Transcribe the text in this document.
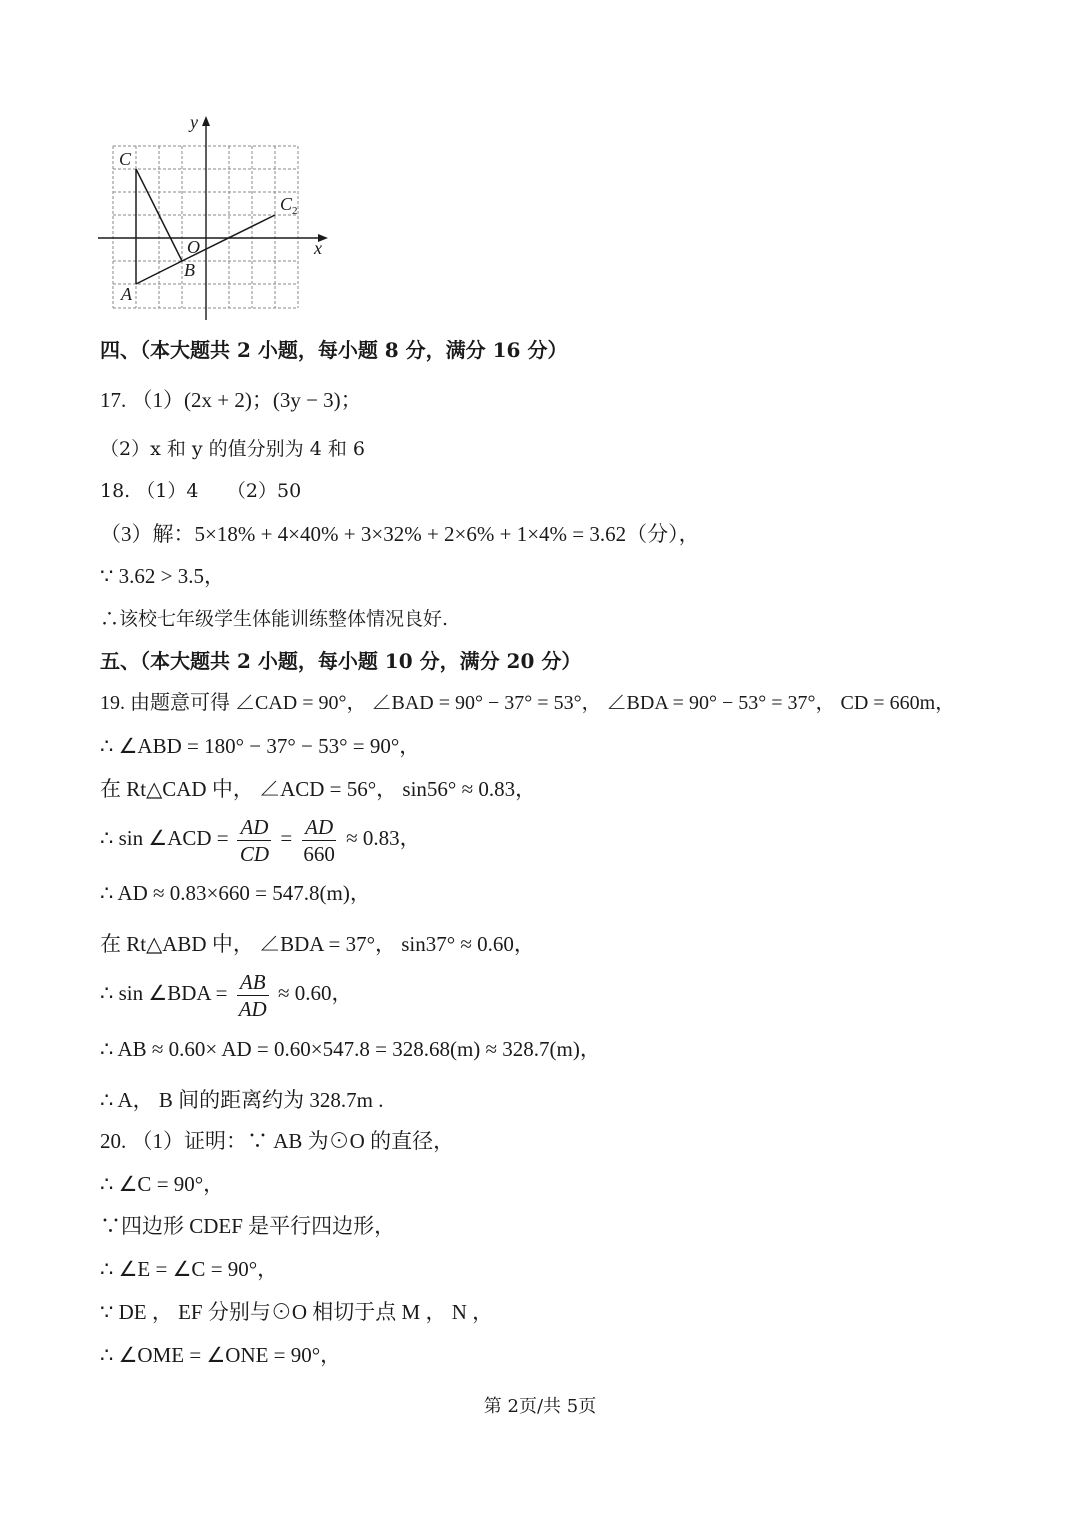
y
x
C
$C_2$
O
B
A
四、（本大题共 2 小题，每小题 8 分，满分 16 分）
17. （1）(2x + 2)；(3y − 3)；
（2）x 和 y 的值分别为 4 和 6
18. （1）4　　（2）50
（3）解：5×18% + 4×40% + 3×32% + 2×6% + 1×4% = 3.62（分），
∵ 3.62 > 3.5，
∴该校七年级学生体能训练整体情况良好.
五、（本大题共 2 小题，每小题 10 分，满分 20 分）
19. 由题意可得 ∠CAD = 90°， ∠BAD = 90° − 37° = 53°， ∠BDA = 90° − 53° = 37°， CD = 660m，
∴ ∠ABD = 180° − 37° − 53° = 90°，
在 Rt△CAD 中， ∠ACD = 56°， sin56° ≈ 0.83，
∴ sin ∠ACD = $\frac{AD}{CD} = \frac{AD}{660} \approx 0.83$，
∴ AD ≈ 0.83×660 = 547.8(m)，
在 Rt△ABD 中， ∠BDA = 37°， sin37° ≈ 0.60，
∴ sin ∠BDA = $\frac{AB}{AD} \approx 0.60$，
∴ AB ≈ 0.60× AD = 0.60×547.8 = 328.68(m) ≈ 328.7(m)，
∴ A， B 间的距离约为 328.7m .
20. （1）证明：∵ AB 为⊙O 的直径，
∴ ∠C = 90°，
∵四边形 CDEF 是平行四边形，
∴ ∠E = ∠C = 90°，
∵ DE ， EF 分别与⊙O 相切于点 M ， N ，
∴ ∠OME = ∠ONE = 90°，
第 2页/共 5页
